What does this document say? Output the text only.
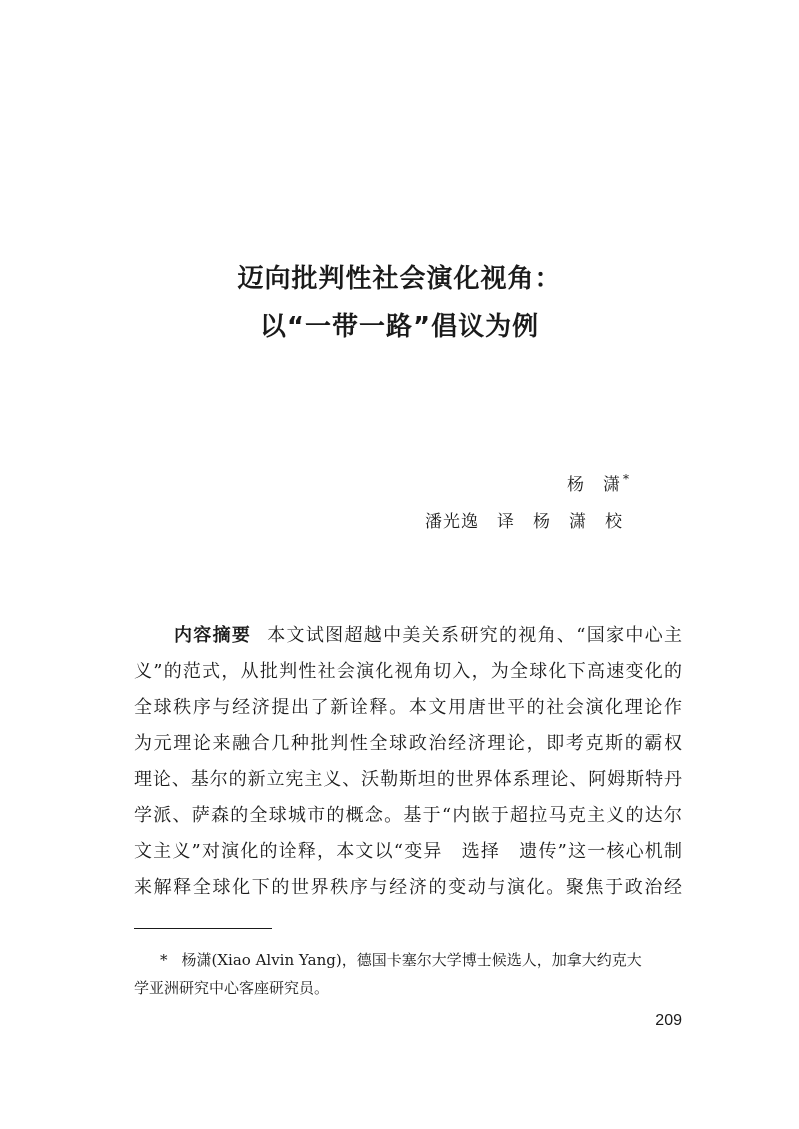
迈向批判性社会演化视角：
以“一带一路”倡议为例
杨　潇 *
潘光逸　译　杨　潇　校
内容摘要 本文试图超越中美关系研究的视角、“国家中心主
义”的范式，从批判性社会演化视角切入，为全球化下高速变化的
全球秩序与经济提出了新诠释。本文用唐世平的社会演化理论作
为元理论来融合几种批判性全球政治经济理论，即考克斯的霸权
理论、基尔的新立宪主义、沃勒斯坦的世界体系理论、阿姆斯特丹
学派、萨森的全球城市的概念。基于“内嵌于超拉马克主义的达尔
文主义”对演化的诠释，本文以“变异　选择　遗传”这一核心机制
来解释全球化下的世界秩序与经济的变动与演化。聚焦于政治经
* 杨潇(Xiao Alvin Yang)，德国卡塞尔大学博士候选人，加拿大约克大
学亚洲研究中心客座研究员。
209
